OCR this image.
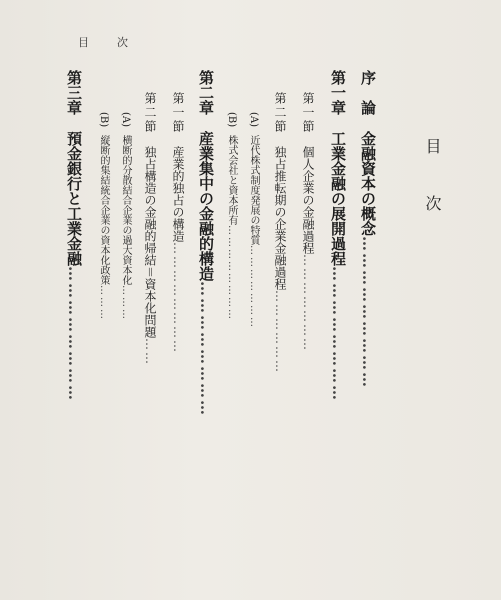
目次
目 次
序　論金融資本の概念………………………
第一章工業金融の展開過程……………………
第一節個人企業の金融過程…………………
第二節独占推転期の企業金融過程………………
(A)近代株式制度発展の特質…………………
(B)株式会社と資本所有……………………
第二章産業集中の金融的構造……………………
第一節産業的独占の構造……………………
第二節独占構造の金融的帰結＝資本化問題……
(A)横断的分散結合企業の過大資本化………
(B)縦断的集結統合企業の資本化政策………
第三章預金銀行と工業金融……………………
